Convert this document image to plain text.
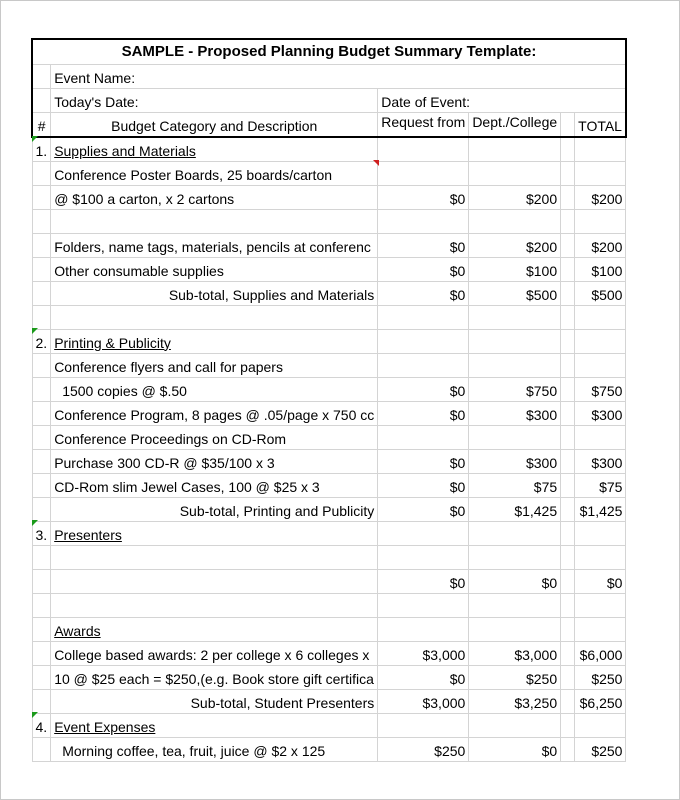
SAMPLE - Proposed Planning Budget Summary Template:					
	Event Name:				
	Today's Date:	Date of Event:			
#	Budget Category and Description	Request from	Dept./College		TOTAL
1.	Supplies and Materials				
	Conference Poster Boards, 25 boards/carton				
	@ $100 a carton, x 2 cartons	$0	$200		$200

	Folders, name tags, materials, pencils at conferenc	$0	$200		$200
	Other consumable supplies	$0	$100		$100
	Sub-total, Supplies and Materials	$0	$500		$500

2.	Printing & Publicity				
	Conference flyers and call for papers				
	1500 copies @ $.50	$0	$750		$750
	Conference Program, 8 pages @ .05/page x 750 cc	$0	$300		$300
	Conference Proceedings on CD-Rom				
	Purchase 300 CD-R @ $35/100 x 3	$0	$300		$300
	CD-Rom slim Jewel Cases, 100 @ $25 x 3	$0	$75		$75
	Sub-total, Printing and Publicity	$0	$1,425		$1,425
3.	Presenters				

		$0	$0		$0

	Awards				
	College based awards: 2 per college x 6 colleges x	$3,000	$3,000		$6,000
	10 @ $25 each = $250,(e.g. Book store gift certifica	$0	$250		$250
	Sub-total, Student Presenters	$3,000	$3,250		$6,250
4.	Event Expenses				
	Morning coffee, tea, fruit, juice @ $2 x 125	$250	$0		$250
